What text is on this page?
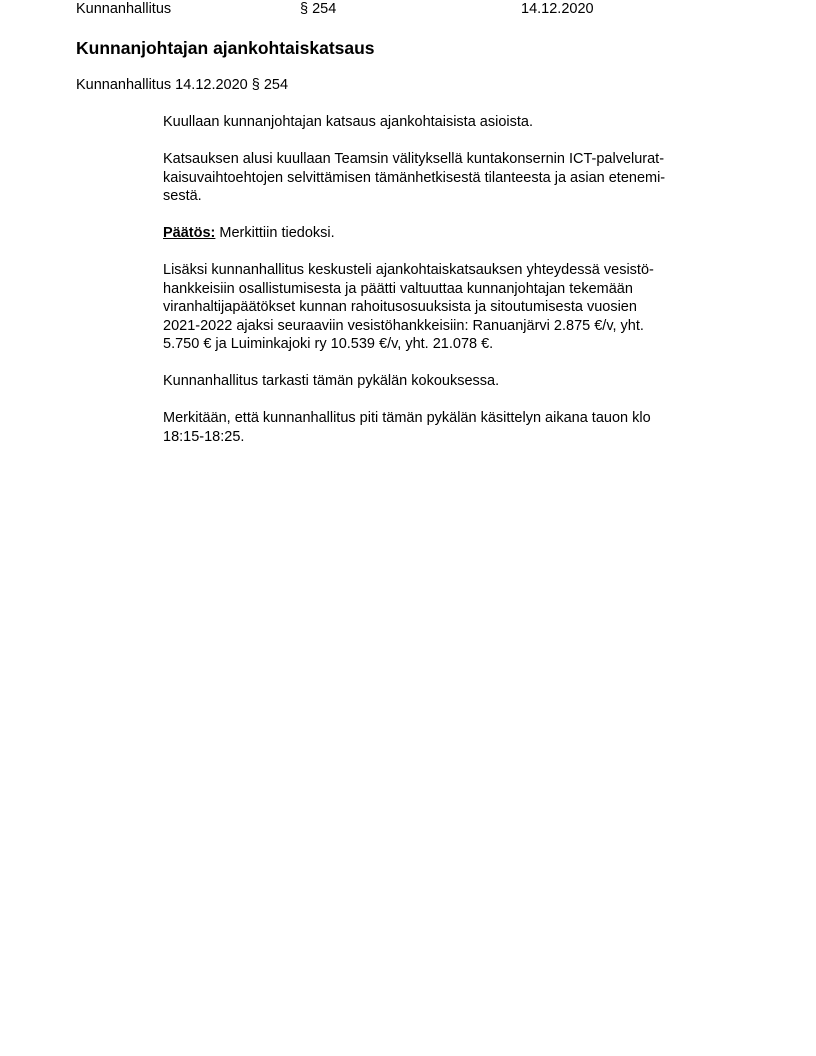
Kunnanhallitus	§ 254	14.12.2020
Kunnanjohtajan ajankohtaiskatsaus
Kunnanhallitus 14.12.2020 § 254

Kuullaan kunnanjohtajan katsaus ajankohtaisista asioista.

Katsauksen alusi kuullaan Teamsin välityksellä kuntakonsernin ICT-palvelurat-
kaisuvaihtoehtojen selvittämisen tämänhetkisestä tilanteesta ja asian etenemi-
sestä.

Päätös: Merkittiin tiedoksi.

Lisäksi kunnanhallitus keskusteli ajankohtaiskatsauksen yhteydessä vesistö-
hankkeisiin osallistumisesta ja päätti valtuuttaa kunnanjohtajan tekemään
viranhaltijapäätökset kunnan rahoitusosuuksista ja sitoutumisesta vuosien
2021-2022 ajaksi seuraaviin vesistöhankkeisiin: Ranuanjärvi 2.875 €/v, yht.
5.750 € ja Luiminkajoki ry 10.539 €/v, yht. 21.078 €.

Kunnanhallitus tarkasti tämän pykälän kokouksessa.

Merkitään, että kunnanhallitus piti tämän pykälän käsittelyn aikana tauon klo
18:15-18:25.
